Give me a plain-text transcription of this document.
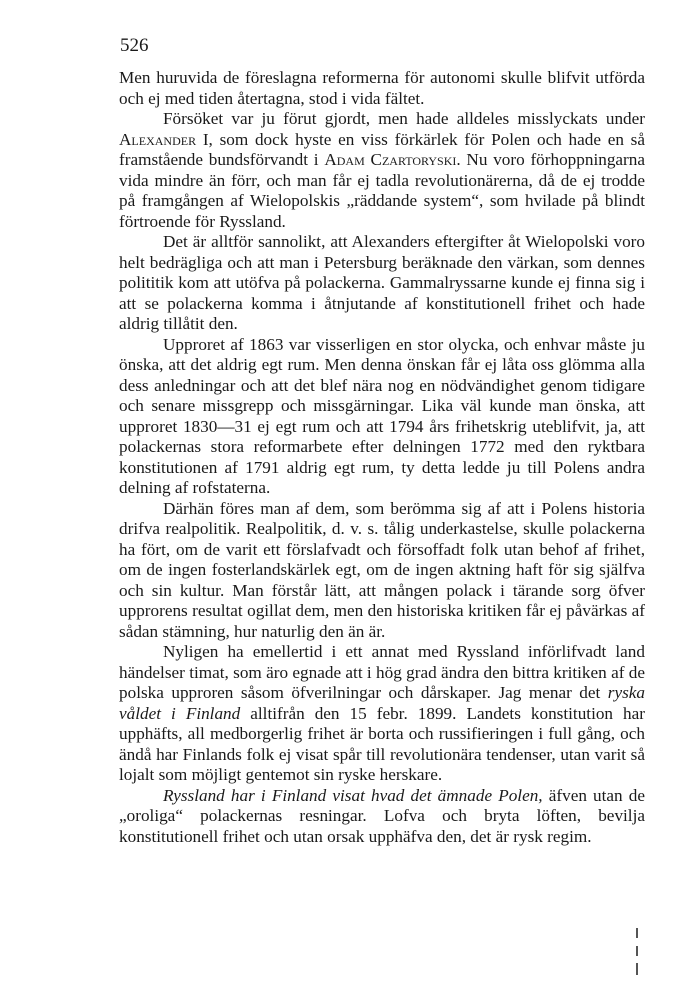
526

Men huruvida de föreslagna reformerna för autonomi skulle blifvit utförda och ej med tiden återtagna, stod i vida fältet.

Försöket var ju förut gjordt, men hade alldeles misslyckats under Alexander I, som dock hyste en viss förkärlek för Polen och hade en så framstående bundsförvandt i Adam Czartoryski. Nu voro förhoppningarna vida mindre än förr, och man får ej tadla revolutionärerna, då de ej trodde på framgången af Wielopolskis „räddande system“, som hvilade på blindt förtroende för Ryssland.

Det är alltför sannolikt, att Alexanders eftergifter åt Wielopolski voro helt bedrägliga och att man i Petersburg beräknade den värkan, som dennes polititik kom att utöfva på polackerna. Gammalryssarne kunde ej finna sig i att se polackerna komma i åtnjutande af konstitutionell frihet och hade aldrig tillåtit den.

Upproret af 1863 var visserligen en stor olycka, och enhvar måste ju önska, att det aldrig egt rum. Men denna önskan får ej låta oss glömma alla dess anledningar och att det blef nära nog en nödvändighet genom tidigare och senare missgrepp och missgärningar. Lika väl kunde man önska, att upproret 1830—31 ej egt rum och att 1794 års frihetskrig uteblifvit, ja, att polackernas stora reformarbete efter delningen 1772 med den ryktbara konstitutionen af 1791 aldrig egt rum, ty detta ledde ju till Polens andra delning af rofstaterna.

Därhän föres man af dem, som berömma sig af att i Polens historia drifva realpolitik. Realpolitik, d. v. s. tålig underkastelse, skulle polackerna ha fört, om de varit ett förslafvadt och försoffadt folk utan behof af frihet, om de ingen fosterlandskärlek egt, om de ingen aktning haft för sig själfva och sin kultur. Man förstår lätt, att mången polack i tärande sorg öfver upprorens resultat ogillat dem, men den historiska kritiken får ej påvärkas af sådan stämning, hur naturlig den än är.

Nyligen ha emellertid i ett annat med Ryssland införlifvadt land händelser timat, som äro egnade att i hög grad ändra den bittra kritiken af de polska upproren såsom öfverilningar och dårskaper. Jag menar det ryska våldet i Finland alltifrån den 15 febr. 1899. Landets konstitution har upphäfts, all medborgerlig frihet är borta och russifieringen i full gång, och ändå har Finlands folk ej visat spår till revolutionära tendenser, utan varit så lojalt som möjligt gentemot sin ryske herskare.

Ryssland har i Finland visat hvad det ämnade Polen, äfven utan de „oroliga“ polackernas resningar. Lofva och bryta löften, bevilja konstitutionell frihet och utan orsak upphäfva den, det är rysk regim.
